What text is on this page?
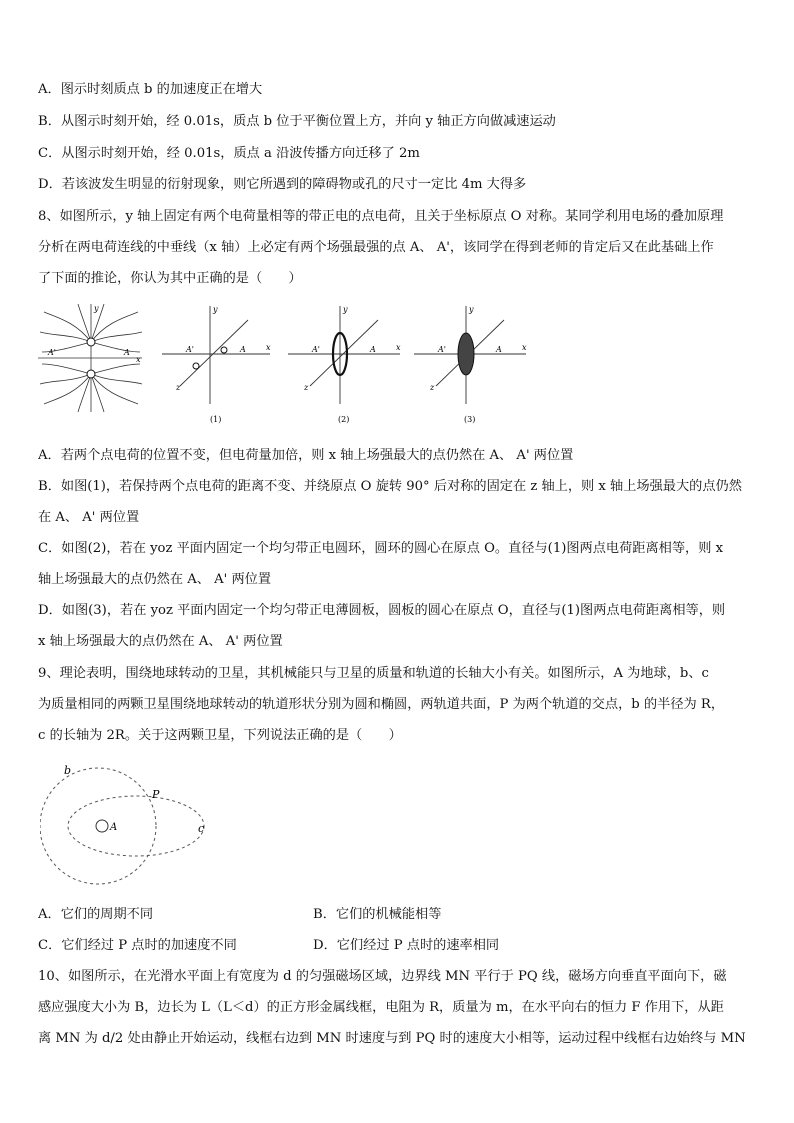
A．图示时刻质点 b 的加速度正在增大
B．从图示时刻开始，经 0.01s，质点 b 位于平衡位置上方，并向 y 轴正方向做减速运动
C．从图示时刻开始，经 0.01s，质点 a 沿波传播方向迁移了 2m
D．若该波发生明显的衍射现象，则它所遇到的障碍物或孔的尺寸一定比 4m 大得多
8、如图所示，y 轴上固定有两个电荷量相等的带正电的点电荷，且关于坐标原点 O 对称。某同学利用电场的叠加原理
分析在两电荷连线的中垂线（x 轴）上必定有两个场强最强的点 A、 A'，该同学在得到老师的肯定后又在此基础上作
了下面的推论，你认为其中正确的是（　　）
A'	A
x
y	y
x
z
A'	A
(1)
y
x
z
A'	A
(2)
y
x
z
A'	A
(3)
A．若两个点电荷的位置不变，但电荷量加倍，则 x 轴上场强最大的点仍然在 A、 A' 两位置
B．如图(1)，若保持两个点电荷的距离不变、并绕原点 O 旋转 90° 后对称的固定在 z 轴上，则 x 轴上场强最大的点仍然
在 A、 A' 两位置
C．如图(2)，若在 yoz 平面内固定一个均匀带正电圆环，圆环的圆心在原点 O。直径与(1)图两点电荷距离相等，则 x
轴上场强最大的点仍然在 A、 A' 两位置
D．如图(3)，若在 yoz 平面内固定一个均匀带正电薄圆板，圆板的圆心在原点 O，直径与(1)图两点电荷距离相等，则
x 轴上场强最大的点仍然在 A、 A' 两位置
9、理论表明，围绕地球转动的卫星，其机械能只与卫星的质量和轨道的长轴大小有关。如图所示，A 为地球，b、c
为质量相同的两颗卫星围绕地球转动的轨道形状分别为圆和椭圆，两轨道共面，P 为两个轨道的交点，b 的半径为 R，
c 的长轴为 2R。关于这两颗卫星，下列说法正确的是（　　）
b
c
P
A
A．它们的周期不同	B．它们的机械能相等
C．它们经过 P 点时的加速度不同	D．它们经过 P 点时的速率相同
10、如图所示，在光滑水平面上有宽度为 d 的匀强磁场区域，边界线 MN 平行于 PQ 线，磁场方向垂直平面向下，磁
感应强度大小为 B，边长为 L（L＜d）的正方形金属线框，电阻为 R，质量为 m，在水平向右的恒力 F 作用下，从距
离 MN 为 d/2 处由静止开始运动，线框右边到 MN 时速度与到 PQ 时的速度大小相等，运动过程中线框右边始终与 MN
